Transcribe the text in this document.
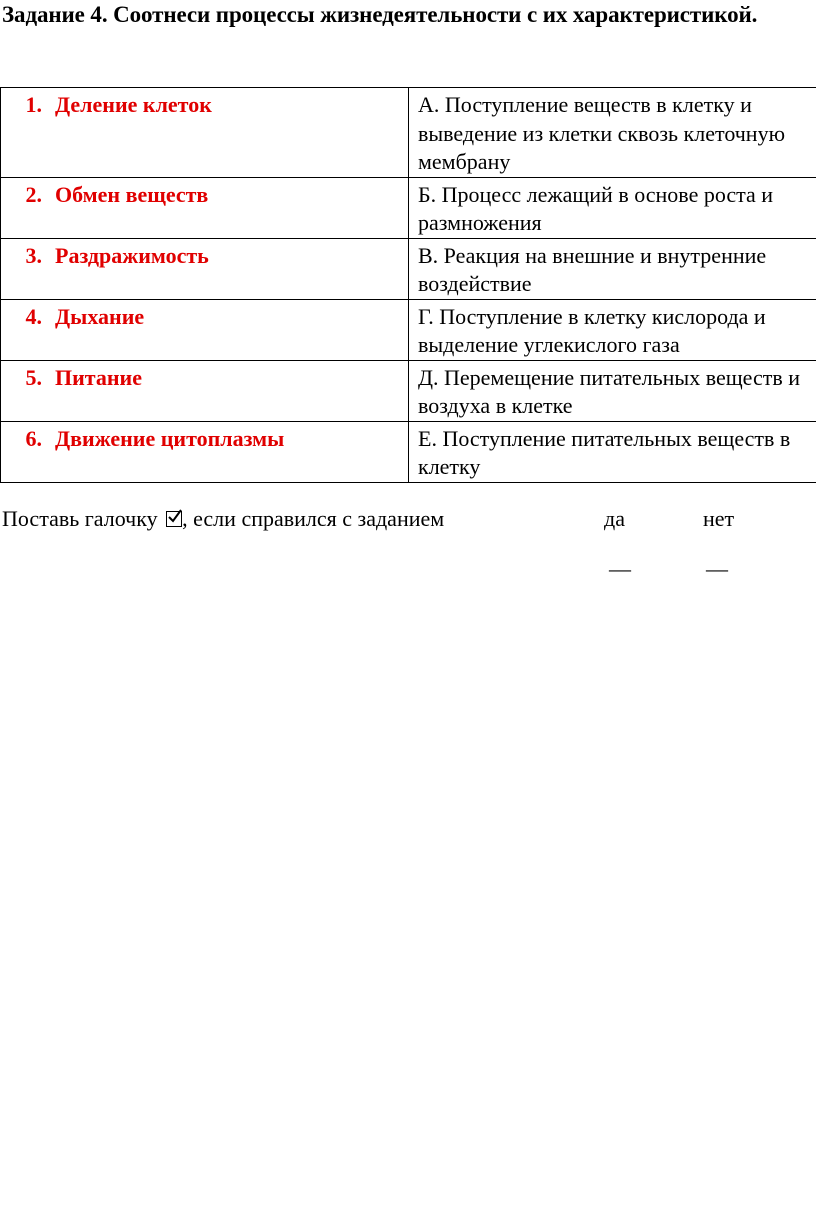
Задание 4. Соотнеси процессы жизнедеятельности с их характеристикой.
1. Деление клеток	А. Поступление веществ в клетку и выведение из клетки сквозь клеточную мембрану

2. Обмен веществ	Б. Процесс лежащий в основе роста и размножения

3. Раздражимость	В. Реакция на внешние и внутренние воздействие

4. Дыхание	Г. Поступление в клетку кислорода и выделение углекислого газа

5. Питание	Д. Перемещение питательных веществ и воздуха в клетке

6. Движение цитоплазмы	Е. Поступление питательных веществ в клетку
Поставь галочку , если справился с заданием	да	нет
—	—
